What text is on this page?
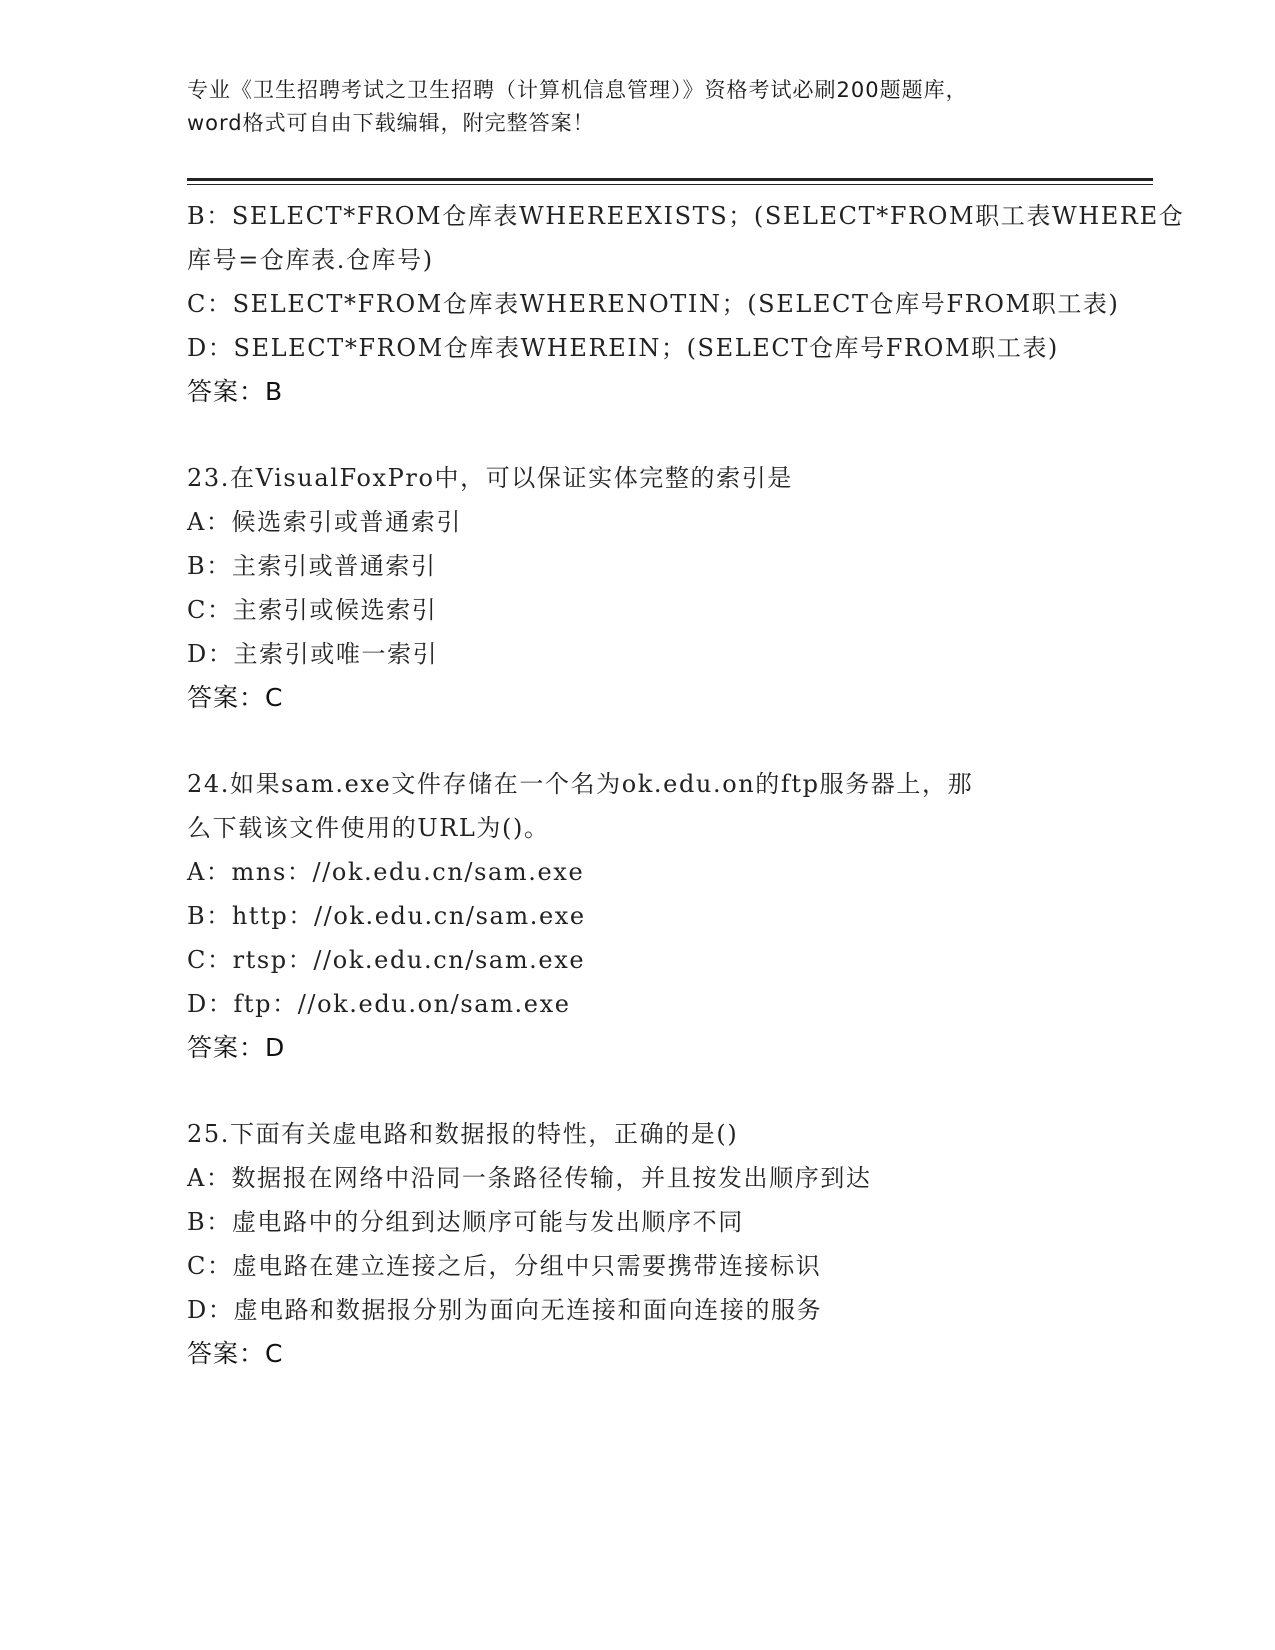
专业《卫生招聘考试之卫生招聘（计算机信息管理）》资格考试必刷200题题库，
word格式可自由下载编辑，附完整答案！
B：SELECT*FROM仓库表WHEREEXISTS；(SELECT*FROM职工表WHERE仓
库号=仓库表.仓库号)
C：SELECT*FROM仓库表WHERENOTIN；(SELECT仓库号FROM职工表)
D：SELECT*FROM仓库表WHEREIN；(SELECT仓库号FROM职工表)
答案：B
23.在VisualFoxPro中，可以保证实体完整的索引是
A：候选索引或普通索引
B：主索引或普通索引
C：主索引或候选索引
D：主索引或唯一索引
答案：C
24.如果sam.exe文件存储在一个名为ok.edu.on的ftp服务器上，那
么下载该文件使用的URL为()。
A：mns：//ok.edu.cn/sam.exe
B：http：//ok.edu.cn/sam.exe
C：rtsp：//ok.edu.cn/sam.exe
D：ftp：//ok.edu.on/sam.exe
答案：D
25.下面有关虚电路和数据报的特性，正确的是()
A：数据报在网络中沿同一条路径传输，并且按发出顺序到达
B：虚电路中的分组到达顺序可能与发出顺序不同
C：虚电路在建立连接之后，分组中只需要携带连接标识
D：虚电路和数据报分别为面向无连接和面向连接的服务
答案：C
